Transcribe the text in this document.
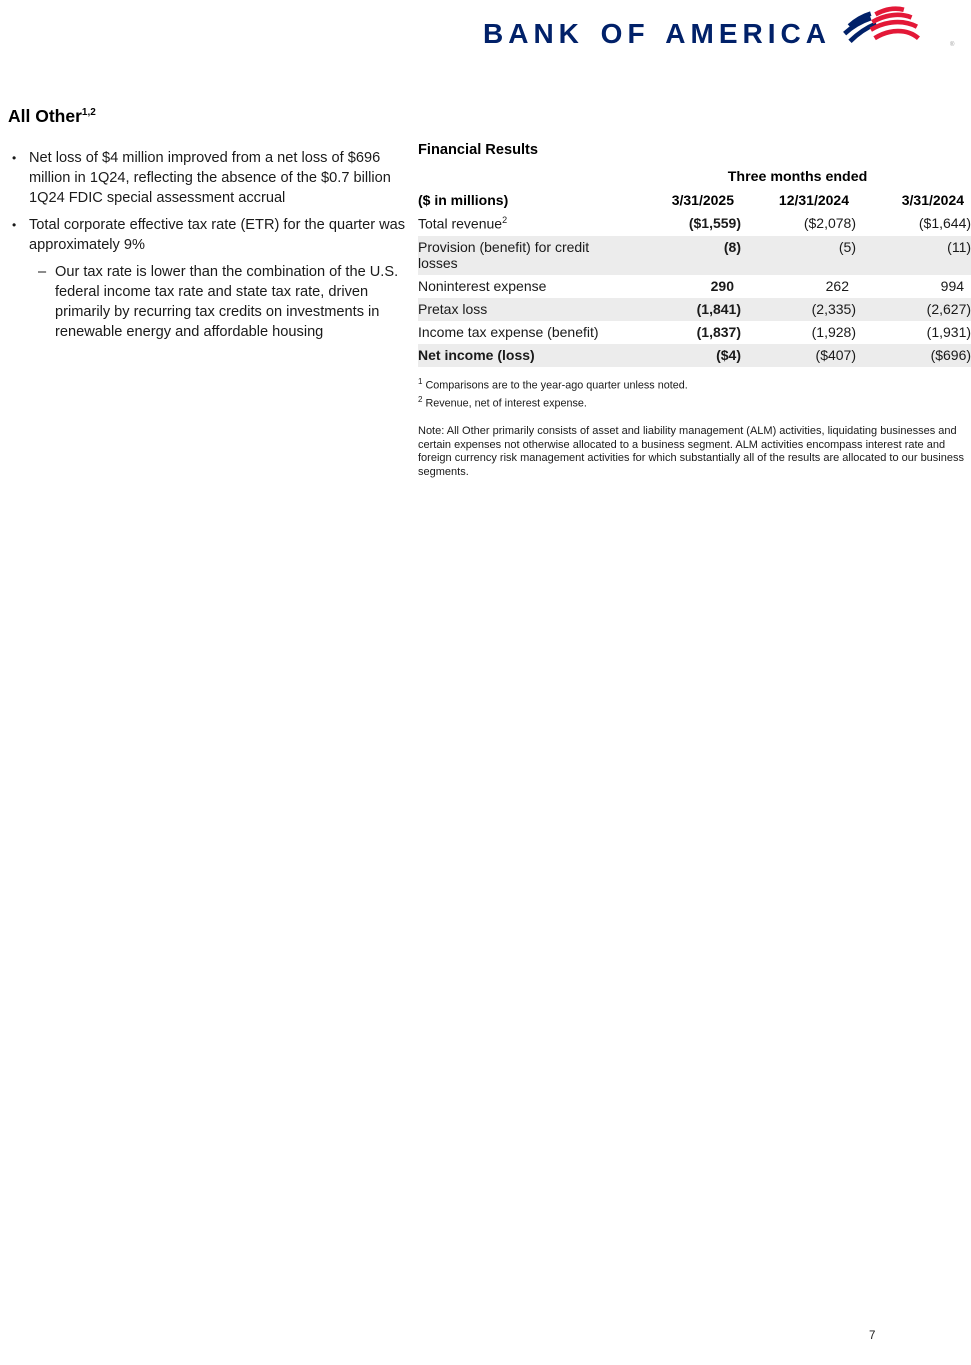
BANK OF AMERICA	®
All Other$^{1,2}$
• Net loss of $4 million improved from a net loss of $696 million in 1Q24, reflecting the absence of the $0.7 billion 1Q24 FDIC special assessment accrual
• Total corporate effective tax rate (ETR) for the quarter was approximately 9%
– Our tax rate is lower than the combination of the U.S. federal income tax rate and state tax rate, driven primarily by recurring tax credits on investments in renewable energy and affordable housing

Financial Results

	Three months ended		
($ in millions)	3/31/2025	12/31/2024	3/31/2024
Total revenue$^2$	($1,559)	($2,078)	($1,644)
Provision (benefit) for credit losses	(8)	(5)	(11)
Noninterest expense	290	262	994
Pretax loss	(1,841)	(2,335)	(2,627)
Income tax expense (benefit)	(1,837)	(1,928)	(1,931)
Net income (loss)	($4)	($407)	($696)
$^1$ Comparisons are to the year-ago quarter unless noted.
$^2$ Revenue, net of interest expense.
Note: All Other primarily consists of asset and liability management (ALM) activities, liquidating businesses and certain expenses not otherwise allocated to a business segment. ALM activities encompass interest rate and foreign currency risk management activities for which substantially all of the results are allocated to our business segments.
7
